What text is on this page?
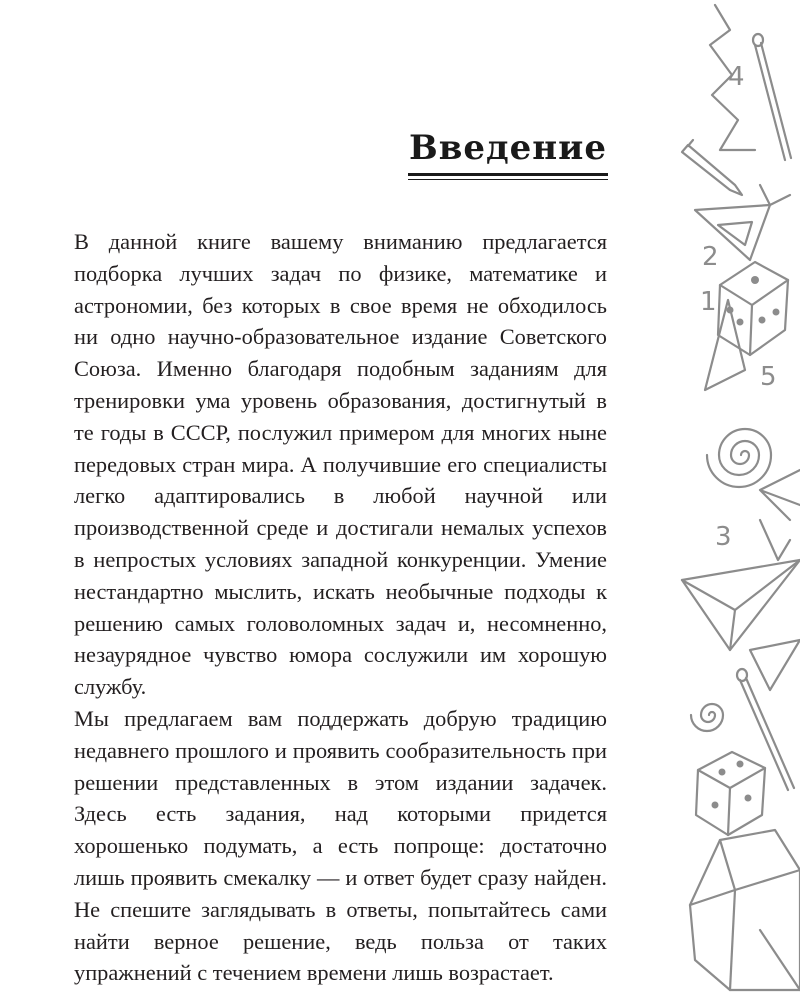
Введение

В данной книге вашему вниманию предлагается подборка лучших задач по физике, математике и астрономии, без которых в свое время не обходилось ни одно научно-образовательное издание Советского Союза. Именно благодаря подобным заданиям для тренировки ума уровень образования, достигнутый в те годы в СССР, послужил примером для многих ныне передовых стран мира. А получившие его специалисты легко адаптировались в любой научной или производственной среде и достигали немалых успехов в непростых условиях западной конкуренции. Умение нестандартно мыслить, искать необычные подходы к решению самых головоломных задач и, несомненно, незаурядное чувство юмора сослужили им хорошую службу.

Мы предлагаем вам поддержать добрую традицию недавнего прошлого и проявить сообразительность при решении представленных в этом издании задачек. Здесь есть задания, над которыми придется хорошенько подумать, а есть попроще: достаточно лишь проявить смекалку — и ответ будет сразу найден. Не спешите заглядывать в ответы, попытайтесь сами найти верное решение, ведь польза от таких упражнений с течением времени лишь возрастает.

4
2
1
5
3
